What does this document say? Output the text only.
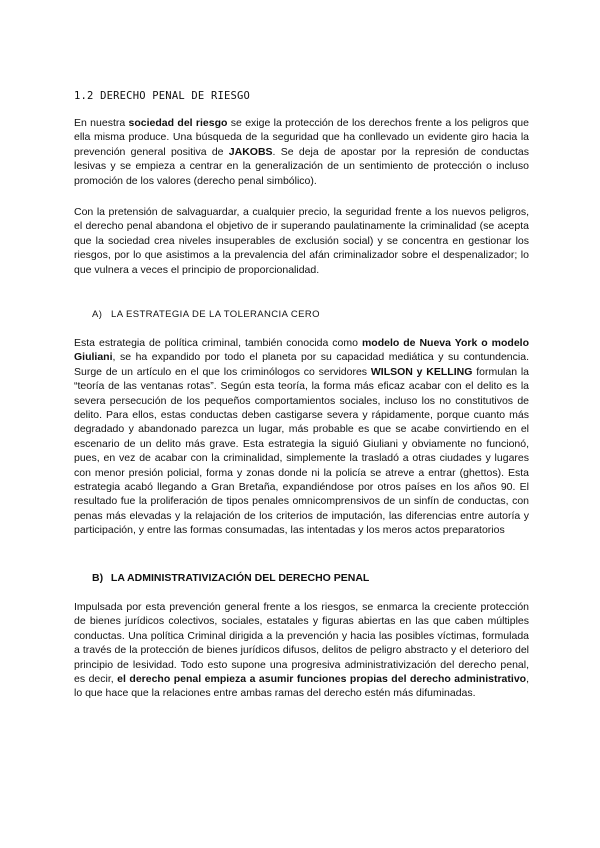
1.2 DERECHO PENAL DE RIESGO

En nuestra sociedad del riesgo se exige la protección de los derechos frente a los peligros que ella misma produce. Una búsqueda de la seguridad que ha conllevado un evidente giro hacia la prevención general positiva de JAKOBS. Se deja de apostar por la represión de conductas lesivas y se empieza a centrar en la generalización de un sentimiento de protección o incluso promoción de los valores (derecho penal simbólico).

Con la pretensión de salvaguardar, a cualquier precio, la seguridad frente a los nuevos peligros, el derecho penal abandona el objetivo de ir superando paulatinamente la criminalidad (se acepta que la sociedad crea niveles insuperables de exclusión social) y se concentra en gestionar los riesgos, por lo que asistimos a la prevalencia del afán criminalizador sobre el despenalizador; lo que vulnera a veces el principio de proporcionalidad.

A) LA ESTRATEGIA DE LA TOLERANCIA CERO

Esta estrategia de política criminal, también conocida como modelo de Nueva York o modelo Giuliani, se ha expandido por todo el planeta por su capacidad mediática y su contundencia. Surge de un artículo en el que los criminólogos co servidores WILSON y KELLING formulan la “teoría de las ventanas rotas”. Según esta teoría, la forma más eficaz acabar con el delito es la severa persecución de los pequeños comportamientos sociales, incluso los no constitutivos de delito. Para ellos, estas conductas deben castigarse severa y rápidamente, porque cuanto más degradado y abandonado parezca un lugar, más probable es que se acabe convirtiendo en el escenario de un delito más grave. Esta estrategia la siguió Giuliani y obviamente no funcionó, pues, en vez de acabar con la criminalidad, simplemente la trasladó a otras ciudades y lugares con menor presión policial, forma y zonas donde ni la policía se atreve a entrar (ghettos). Esta estrategia acabó llegando a Gran Bretaña, expandiéndose por otros países en los años 90. El resultado fue la proliferación de tipos penales omnicomprensivos de un sinfín de conductas, con penas más elevadas y la relajación de los criterios de imputación, las diferencias entre autoría y participación, y entre las formas consumadas, las intentadas y los meros actos preparatorios

B) LA ADMINISTRATIVIZACIÓN DEL DERECHO PENAL

Impulsada por esta prevención general frente a los riesgos, se enmarca la creciente protección de bienes jurídicos colectivos, sociales, estatales y figuras abiertas en las que caben múltiples conductas. Una política Criminal dirigida a la prevención y hacia las posibles víctimas, formulada a través de la protección de bienes jurídicos difusos, delitos de peligro abstracto y el deterioro del principio de lesividad. Todo esto supone una progresiva administrativización del derecho penal, es decir, el derecho penal empieza a asumir funciones propias del derecho administrativo, lo que hace que la relaciones entre ambas ramas del derecho estén más difuminadas.
